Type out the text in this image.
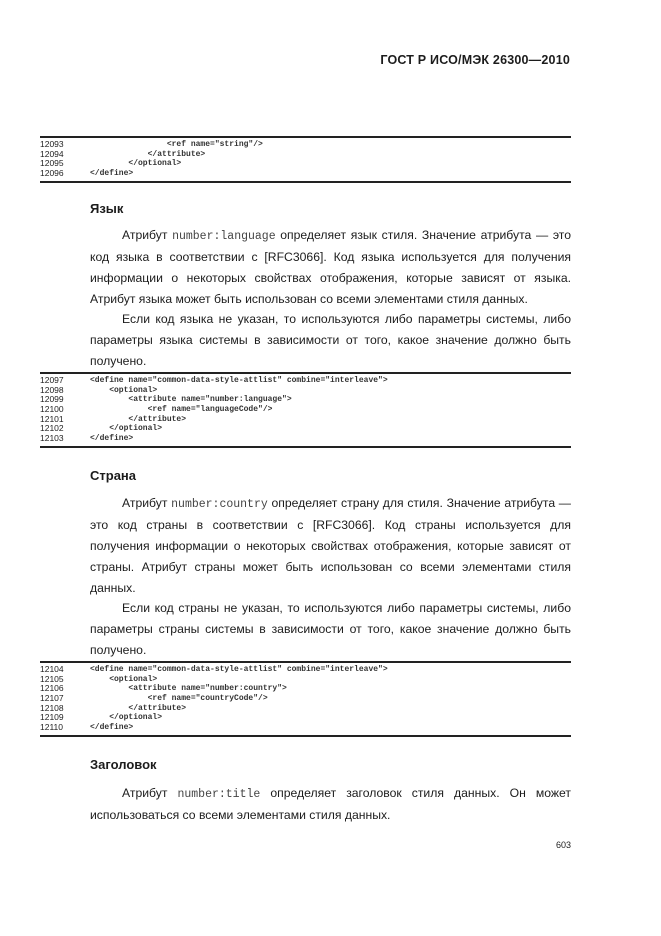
ГОСТ Р ИСО/МЭК 26300—2010
12093	<ref name="string"/>
12094	</attribute>
12095	</optional>
12096	</define>
Язык
Атрибут number:language определяет язык стиля. Значение атрибута — это код языка в соответствии с [RFC3066]. Код языка используется для получения информации о некоторых свойствах отображения, которые зависят от языка. Атрибут языка может быть использован со всеми элементами стиля данных.
Если код языка не указан, то используются либо параметры системы, либо параметры языка системы в зависимости от того, какое значение должно быть получено.
12097	<define name="common-data-style-attlist" combine="interleave">
12098	<optional>
12099	<attribute name="number:language">
12100	<ref name="languageCode"/>
12101	</attribute>
12102	</optional>
12103	</define>
Страна
Атрибут number:country определяет страну для стиля. Значение атрибута — это код страны в соответствии с [RFC3066]. Код страны используется для получения информации о некоторых свойствах отображения, которые зависят от страны. Атрибут страны может быть использован со всеми элементами стиля данных.
Если код страны не указан, то используются либо параметры системы, либо параметры страны системы в зависимости от того, какое значение должно быть получено.
12104	<define name="common-data-style-attlist" combine="interleave">
12105	<optional>
12106	<attribute name="number:country">
12107	<ref name="countryCode"/>
12108	</attribute>
12109	</optional>
12110	</define>
Заголовок
Атрибут number:title определяет заголовок стиля данных. Он может использоваться со всеми элементами стиля данных.
603
